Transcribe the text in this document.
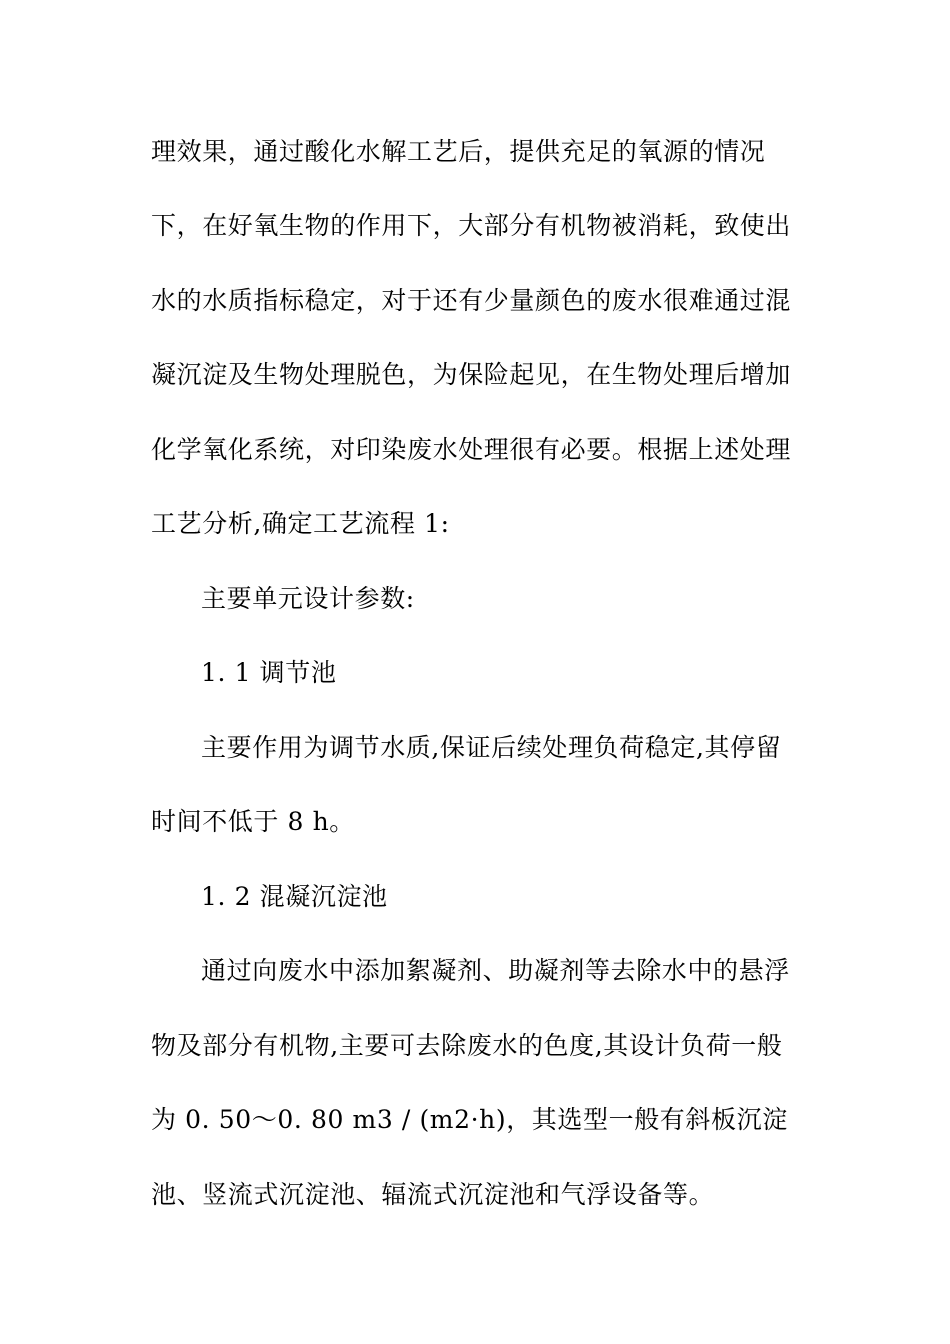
理效果，通过酸化水解工艺后，提供充足的氧源的情况
下，在好氧生物的作用下，大部分有机物被消耗，致使出
水的水质指标稳定，对于还有少量颜色的废水很难通过混
凝沉淀及生物处理脱色，为保险起见，在生物处理后增加
化学氧化系统，对印染废水处理很有必要。根据上述处理
工艺分析,确定工艺流程 1:
主要单元设计参数:
1. 1 调节池
主要作用为调节水质,保证后续处理负荷稳定,其停留
时间不低于 8 h。
1. 2 混凝沉淀池
通过向废水中添加絮凝剂、助凝剂等去除水中的悬浮
物及部分有机物,主要可去除废水的色度,其设计负荷一般
为 0. 50～0. 80 m3 / (m2·h)，其选型一般有斜板沉淀
池、竖流式沉淀池、辐流式沉淀池和气浮设备等。
